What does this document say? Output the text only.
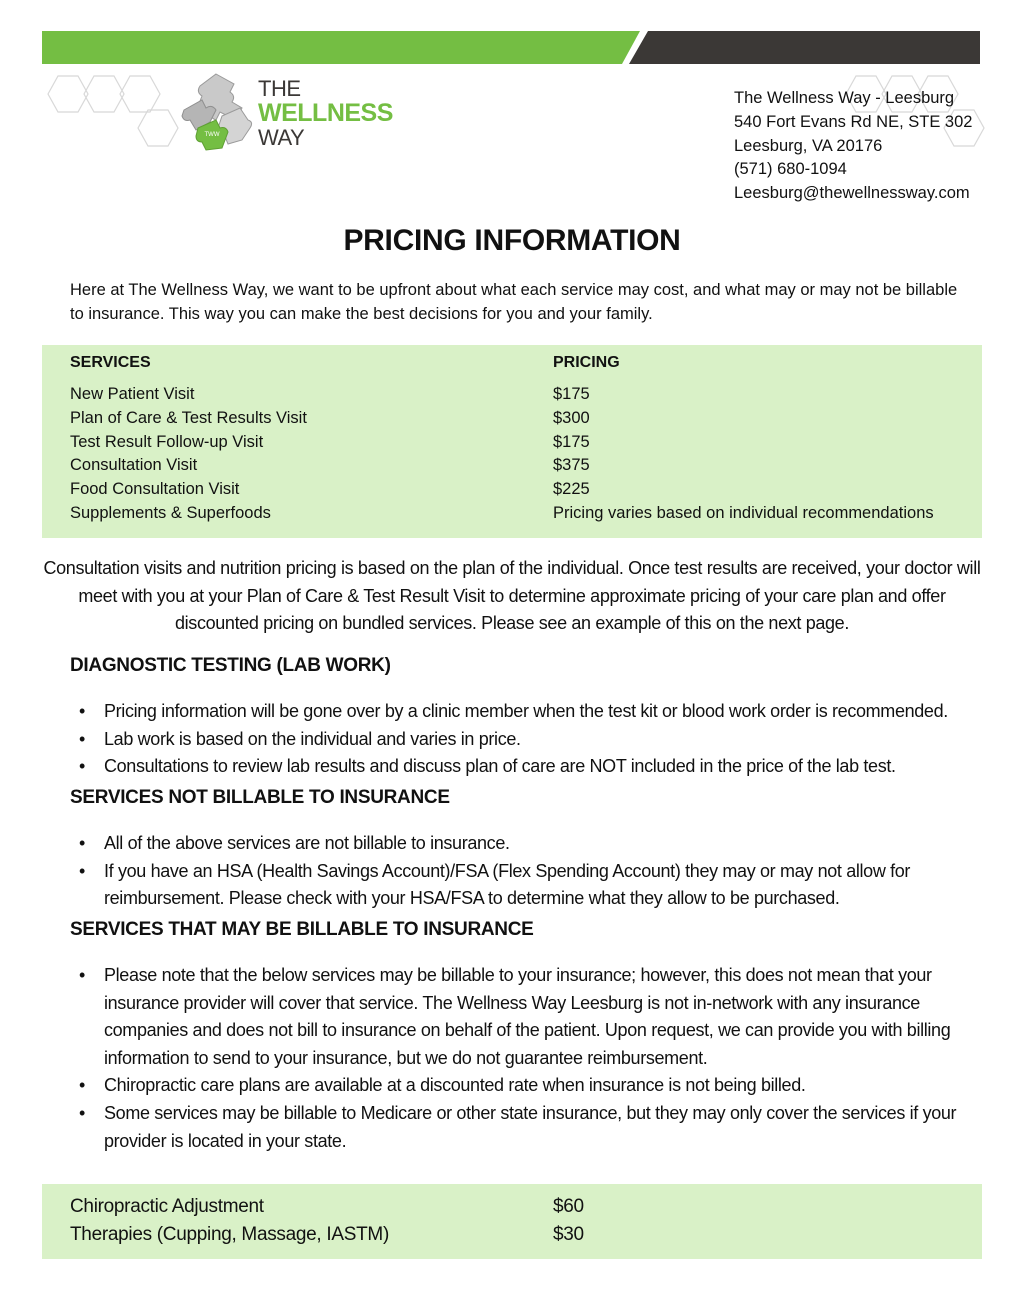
TWW
THE
WELLNESS
WAY
The Wellness Way - Leesburg
540 Fort Evans Rd NE, STE 302
Leesburg, VA 20176
(571) 680-1094
Leesburg@thewellnessway.com
PRICING INFORMATION

Here at The Wellness Way, we want to be upfront about what each service may cost, and what may or may not be billable to insurance. This way you can make the best decisions for you and your family.

SERVICES	PRICING
New Patient Visit	$175
Plan of Care & Test Results Visit	$300
Test Result Follow-up Visit	$175
Consultation Visit	$375
Food Consultation Visit	$225
Supplements & Superfoods	Pricing varies based on individual recommendations

Consultation visits and nutrition pricing is based on the plan of the individual. Once test results are received, your doctor will meet with you at your Plan of Care & Test Result Visit to determine approximate pricing of your care plan and offer discounted pricing on bundled services. Please see an example of this on the next page.

DIAGNOSTIC TESTING (LAB WORK)
• Pricing information will be gone over by a clinic member when the test kit or blood work order is recommended.
• Lab work is based on the individual and varies in price.
• Consultations to review lab results and discuss plan of care are NOT included in the price of the lab test.
SERVICES NOT BILLABLE TO INSURANCE
• All of the above services are not billable to insurance.
• If you have an HSA (Health Savings Account)/FSA (Flex Spending Account) they may or may not allow for reimbursement. Please check with your HSA/FSA to determine what they allow to be purchased.
SERVICES THAT MAY BE BILLABLE TO INSURANCE
• Please note that the below services may be billable to your insurance; however, this does not mean that your insurance provider will cover that service. The Wellness Way Leesburg is not in-network with any insurance companies and does not bill to insurance on behalf of the patient. Upon request, we can provide you with billing information to send to your insurance, but we do not guarantee reimbursement.
• Chiropractic care plans are available at a discounted rate when insurance is not being billed.
• Some services may be billable to Medicare or other state insurance, but they may only cover the services if your provider is located in your state.
Chiropractic Adjustment	$60
Therapies (Cupping, Massage, IASTM)	$30
